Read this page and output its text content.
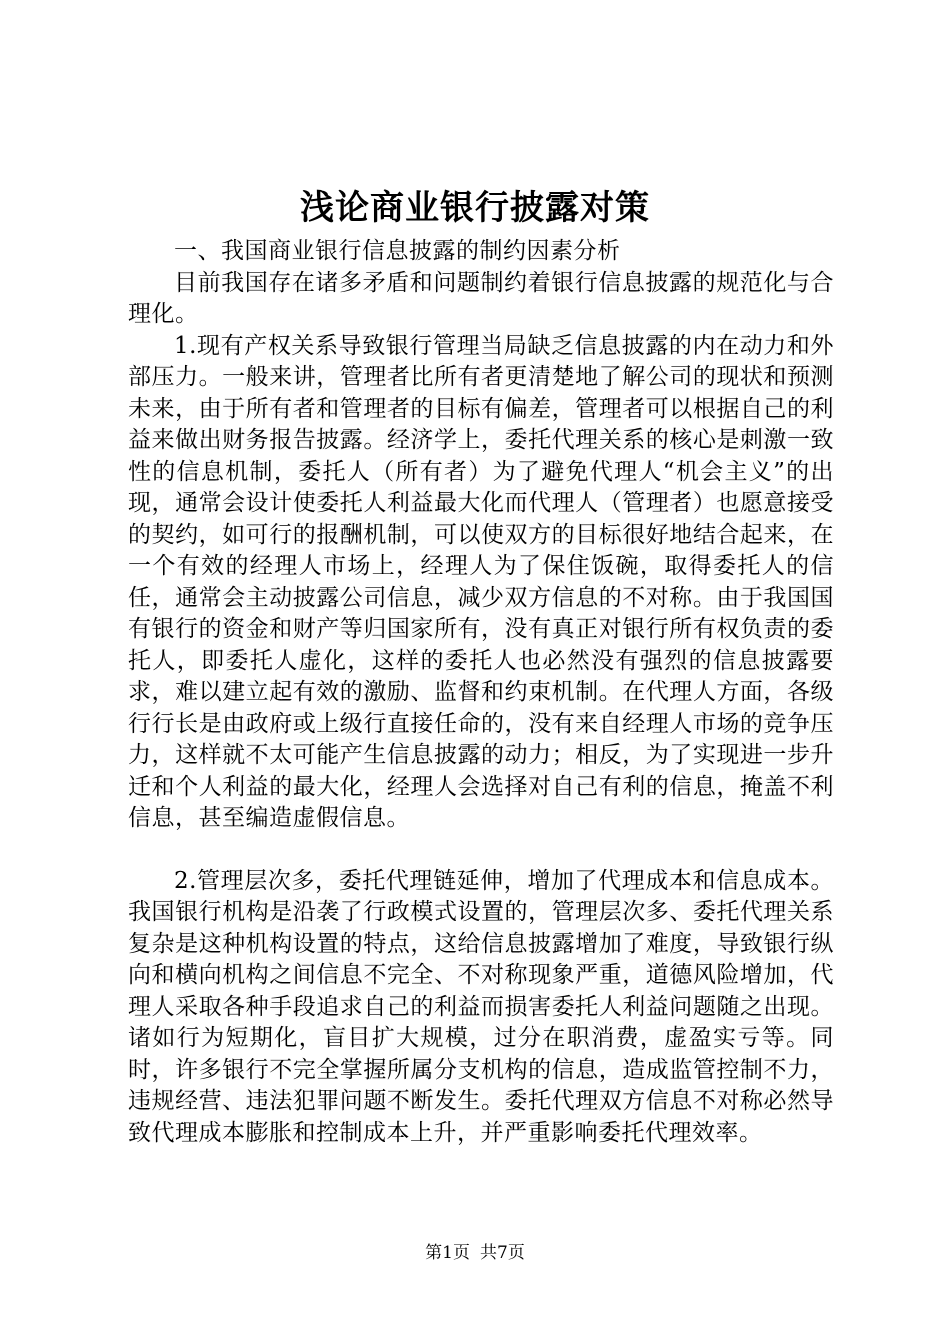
浅论商业银行披露对策

一、我国商业银行信息披露的制约因素分析

目前我国存在诸多矛盾和问题制约着银行信息披露的规范化与合理化。

1.现有产权关系导致银行管理当局缺乏信息披露的内在动力和外部压力。一般来讲，管理者比所有者更清楚地了解公司的现状和预测未来，由于所有者和管理者的目标有偏差，管理者可以根据自己的利益来做出财务报告披露。经济学上，委托代理关系的核心是刺激一致性的信息机制，委托人（所有者）为了避免代理人“机会主义”的出现，通常会设计使委托人利益最大化而代理人（管理者）也愿意接受的契约，如可行的报酬机制，可以使双方的目标很好地结合起来，在一个有效的经理人市场上，经理人为了保住饭碗，取得委托人的信任，通常会主动披露公司信息，减少双方信息的不对称。由于我国国有银行的资金和财产等归国家所有，没有真正对银行所有权负责的委托人，即委托人虚化，这样的委托人也必然没有强烈的信息披露要求，难以建立起有效的激励、监督和约束机制。在代理人方面，各级行行长是由政府或上级行直接任命的，没有来自经理人市场的竞争压力，这样就不太可能产生信息披露的动力；相反，为了实现进一步升迁和个人利益的最大化，经理人会选择对自己有利的信息，掩盖不利信息，甚至编造虚假信息。

2.管理层次多，委托代理链延伸，增加了代理成本和信息成本。我国银行机构是沿袭了行政模式设置的，管理层次多、委托代理关系复杂是这种机构设置的特点，这给信息披露增加了难度，导致银行纵向和横向机构之间信息不完全、不对称现象严重，道德风险增加，代理人采取各种手段追求自己的利益而损害委托人利益问题随之出现。诸如行为短期化，盲目扩大规模，过分在职消费，虚盈实亏等。同时，许多银行不完全掌握所属分支机构的信息，造成监管控制不力，违规经营、违法犯罪问题不断发生。委托代理双方信息不对称必然导致代理成本膨胀和控制成本上升，并严重影响委托代理效率。

第1页 共7页
